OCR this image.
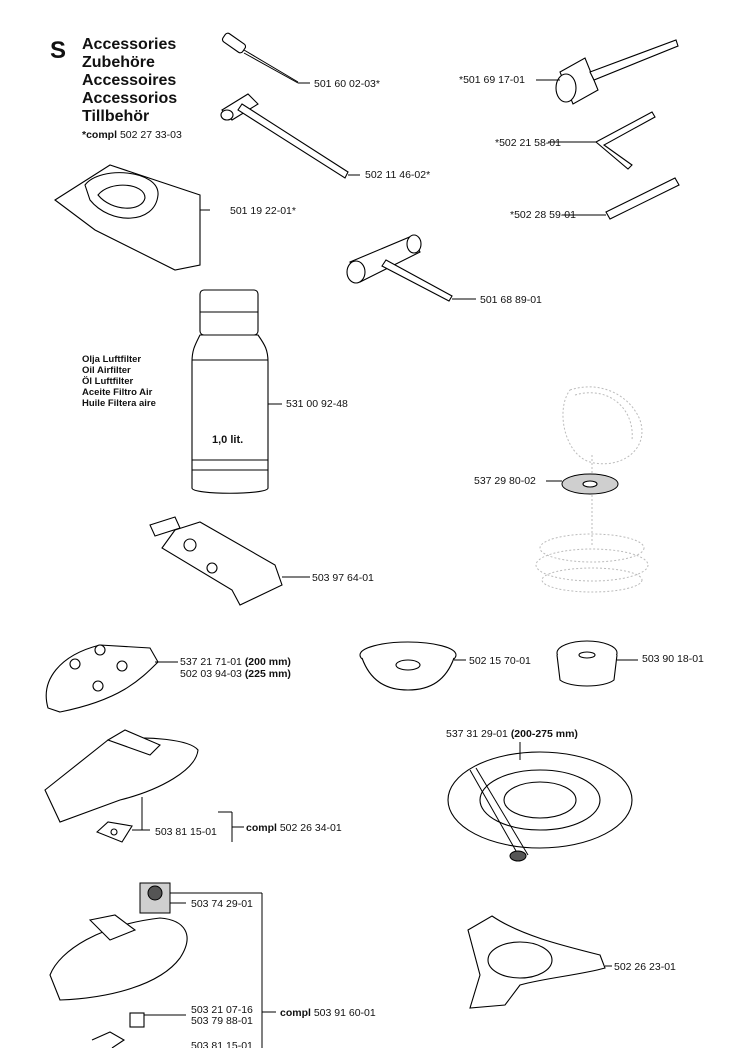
S Accessories
Zubehöre
Accessoires
Accessorios
Tillbehör
*compl 502 27 33-03
Olja Luftfilter
Oil Airfilter
Öl Luftfilter
Aceite Filtro Air
Huile Filtera aire
1,0 lit.
501 60 02-03*	*501 69 17-01
502 11 46-02*
*502 21 58-01
501 19 22-01*	*502 28 59-01
501 68 89-01
531 00 92-48
537 29 80-02
503 97 64-01
537 21 71-01 (200 mm)
502 03 94-03 (225 mm)
502 15 70-01	503 90 18-01
537 31 29-01 (200-275 mm)
503 81 15-01	compl 502 26 34-01
503 74 29-01
502 26 23-01
503 21 07-16
503 79 88-01
compl 503 91 60-01
503 81 15-01
